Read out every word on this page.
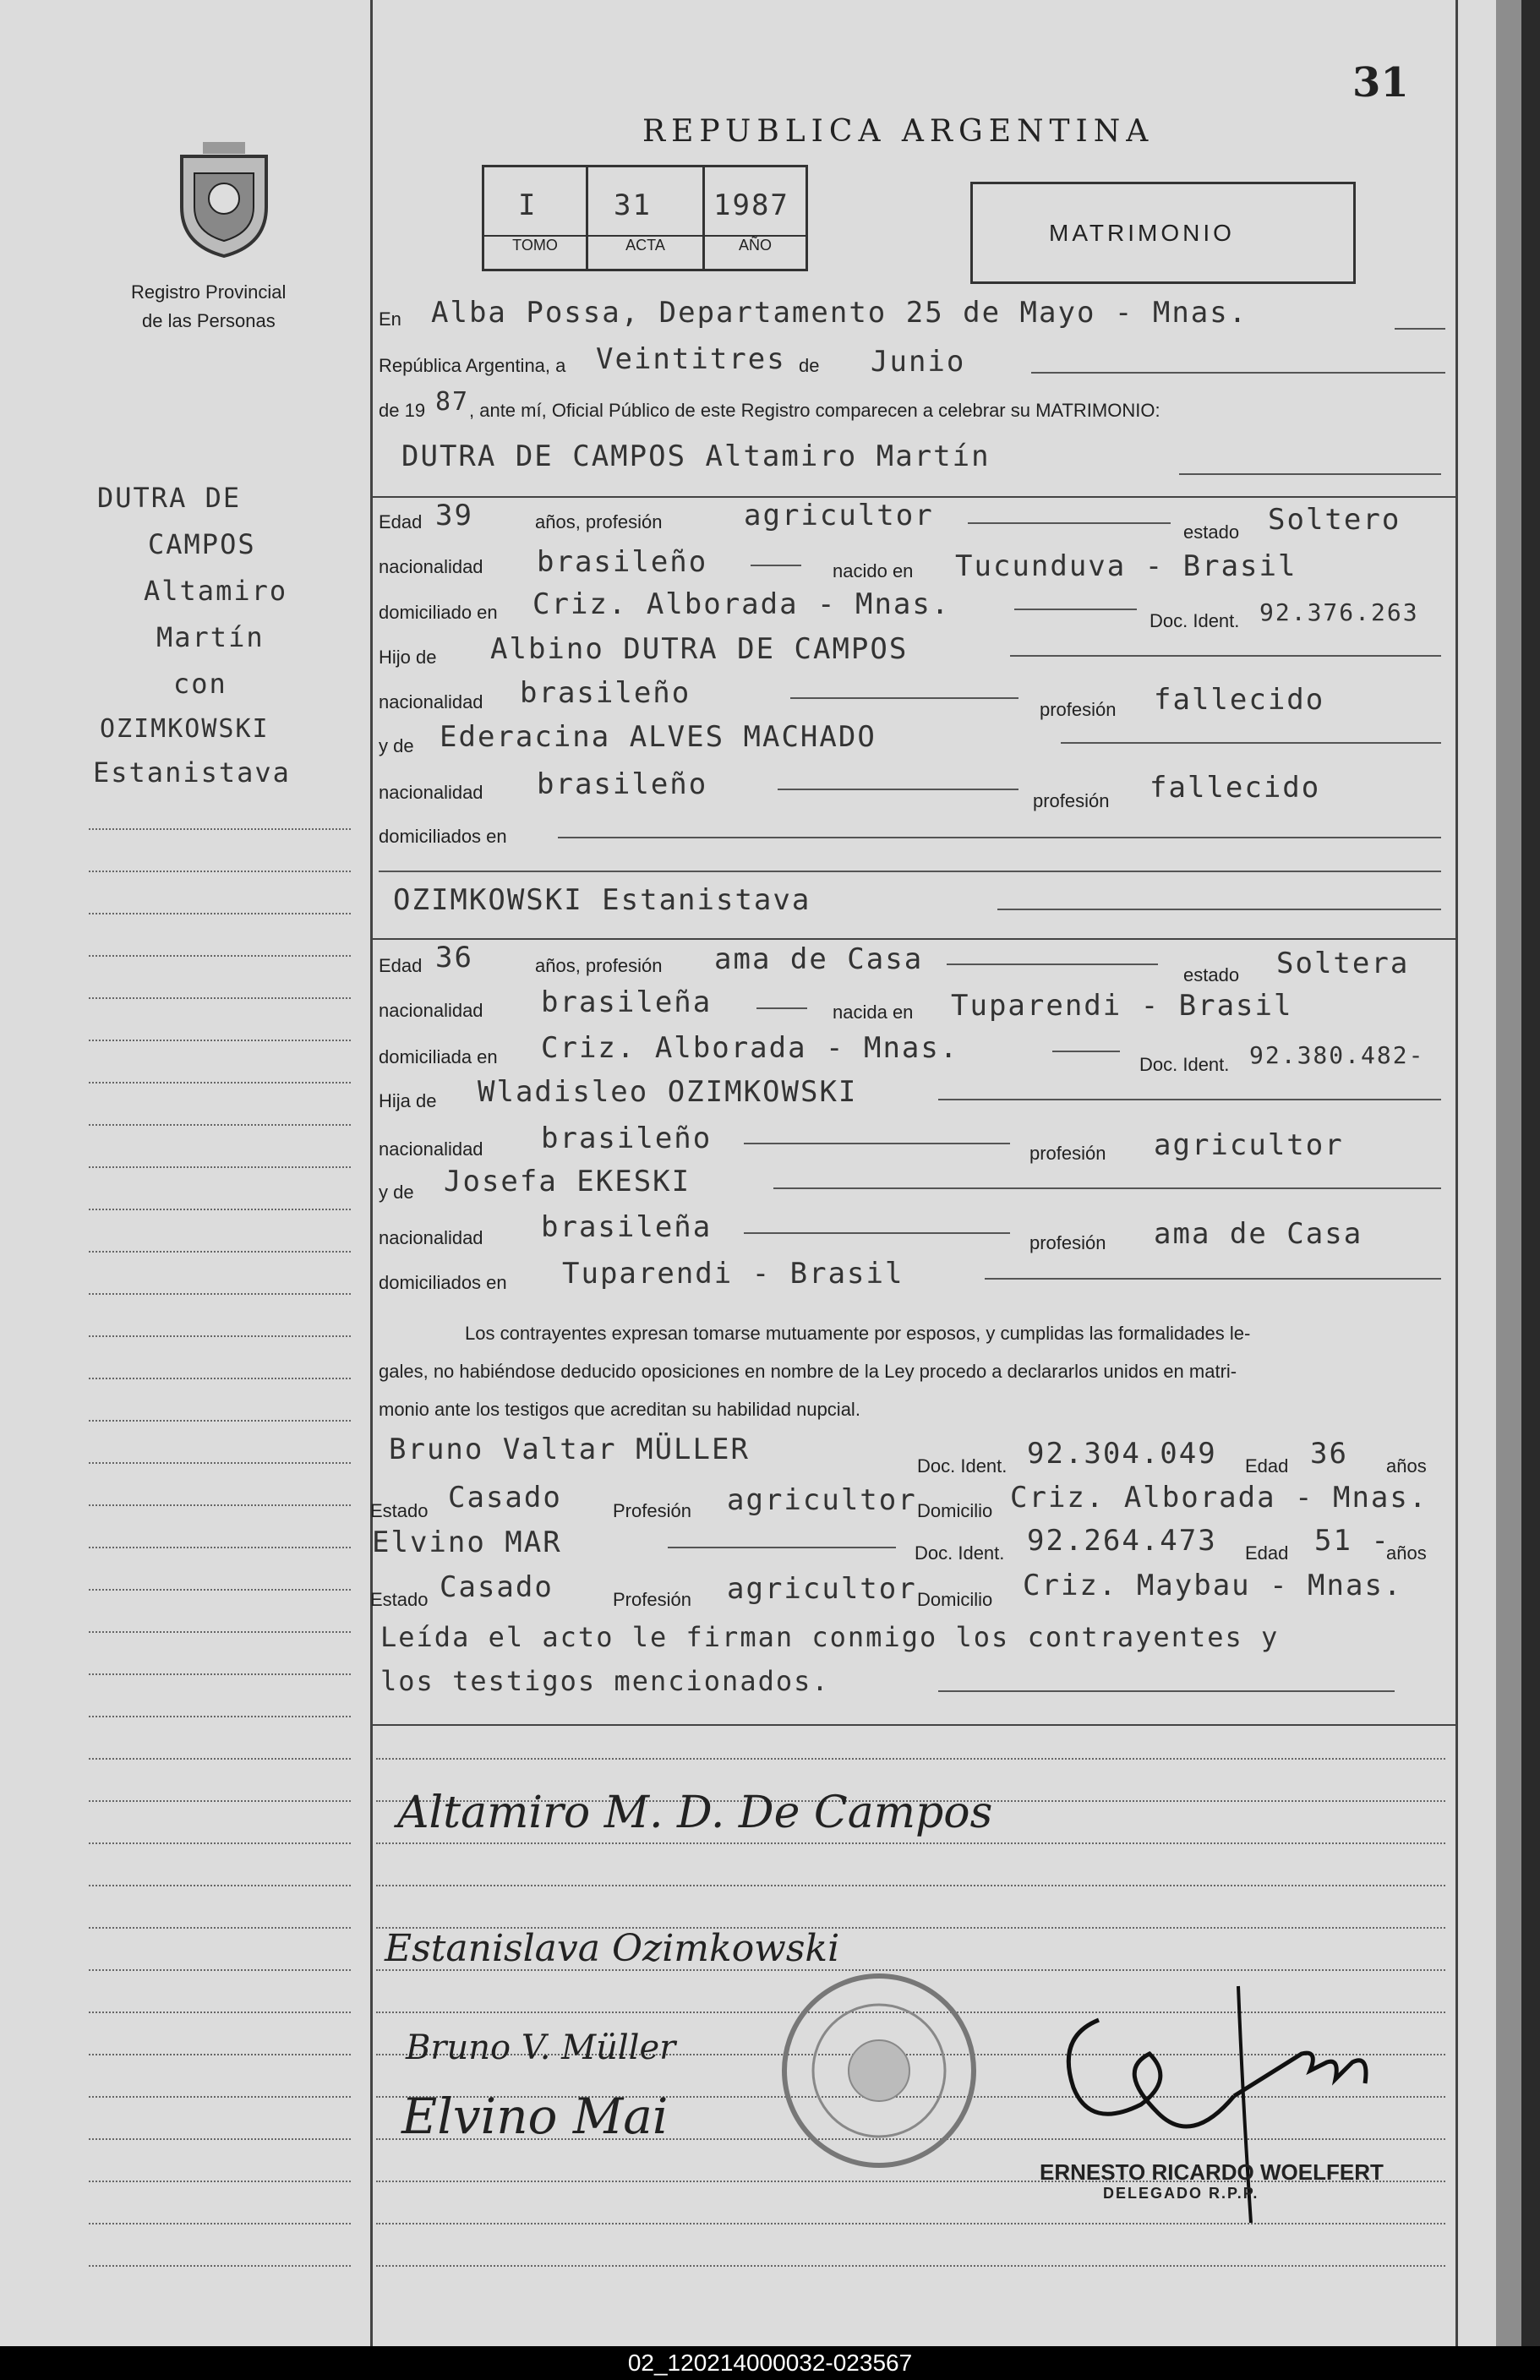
31
REPUBLICA ARGENTINA
Registro Provincial
de las Personas
I
TOMO
31
ACTA
1987
AÑO	MATRIMONIO
DUTRA DE
CAMPOS
Altamiro
Martín
con
OZIMKOWSKI
Estanistava
En Alba Possa, Departamento 25 de Mayo - Mnas.
República Argentina, a Veintitres de Junio
de 19 87 , ante mí, Oficial Público de este Registro comparecen a celebrar su MATRIMONIO:
DUTRA DE CAMPOS Altamiro Martín
Edad 39	años, profesión	agricultor	estado Soltero
nacionalidad brasileño	nacido en Tucunduva - Brasil
domiciliado en Criz. Alborada - Mnas.	Doc. Ident. 92.376.263
Hijo de Albino DUTRA DE CAMPOS
nacionalidad brasileño	profesión fallecido
y de Ederacina ALVES MACHADO
nacionalidad brasileño	profesión fallecido
domiciliados en
OZIMKOWSKI Estanistava
Edad 36	años, profesión ama de Casa	estado Soltera
nacionalidad brasileña	nacida en Tuparendi - Brasil
domiciliada en Criz. Alborada - Mnas.	Doc. Ident. 92.380.482-
Hija de Wladisleo OZIMKOWSKI
nacionalidad brasileño	profesión agricultor
y de Josefa EKESKI
nacionalidad brasileña	profesión ama de Casa
domiciliados en Tuparendi - Brasil
Los contrayentes expresan tomarse mutuamente por esposos, y cumplidas las formalidades le-
gales, no habiéndose deducido oposiciones en nombre de la Ley procedo a declararlos unidos en matri-
monio ante los testigos que acreditan su habilidad nupcial.
Bruno Valtar MÜLLER	Doc. Ident. 92.304.049 Edad 36 años
Estado Casado	Profesión agricultor Domicilio Criz. Alborada - Mnas.
Elvino MAR	Doc. Ident. 92.264.473 Edad 51 -
años
Estado Casado	Profesión agricultor Domicilio Criz. Maybau - Mnas.
Leída el acto le firman conmigo los contrayentes y
los testigos mencionados.
Altamiro M. D. De Campos
Estanislava Ozimkowski
Bruno V. Müller
Elvino Mai
ERNESTO RICARDO WOELFERT
DELEGADO R.P.P.
02_120214000032-023567
